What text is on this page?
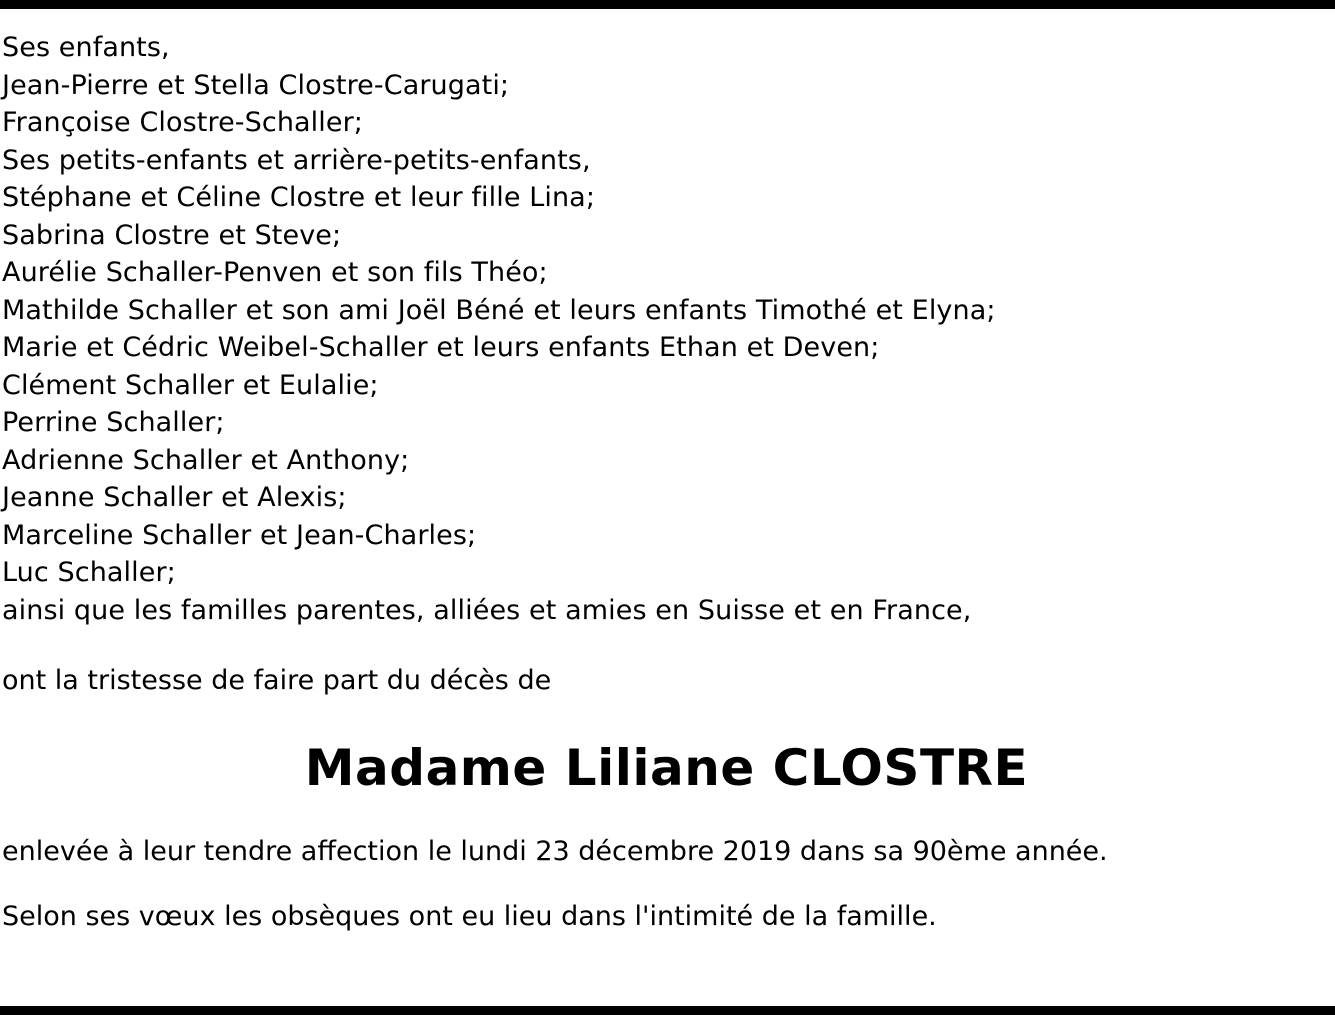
Ses enfants,
Jean-Pierre et Stella Clostre-Carugati;
Françoise Clostre-Schaller;
Ses petits-enfants et arrière-petits-enfants,
Stéphane et Céline Clostre et leur fille Lina;
Sabrina Clostre et Steve;
Aurélie Schaller-Penven et son fils Théo;
Mathilde Schaller et son ami Joël Béné et leurs enfants Timothé et Elyna;
Marie et Cédric Weibel-Schaller et leurs enfants Ethan et Deven;
Clément Schaller et Eulalie;
Perrine Schaller;
Adrienne Schaller et Anthony;
Jeanne Schaller et Alexis;
Marceline Schaller et Jean-Charles;
Luc Schaller;
ainsi que les familles parentes, alliées et amies en Suisse et en France,
ont la tristesse de faire part du décès de
Madame Liliane CLOSTRE
enlevée à leur tendre affection le lundi 23 décembre 2019 dans sa 90ème année.
Selon ses vœux les obsèques ont eu lieu dans l'intimité de la famille.
